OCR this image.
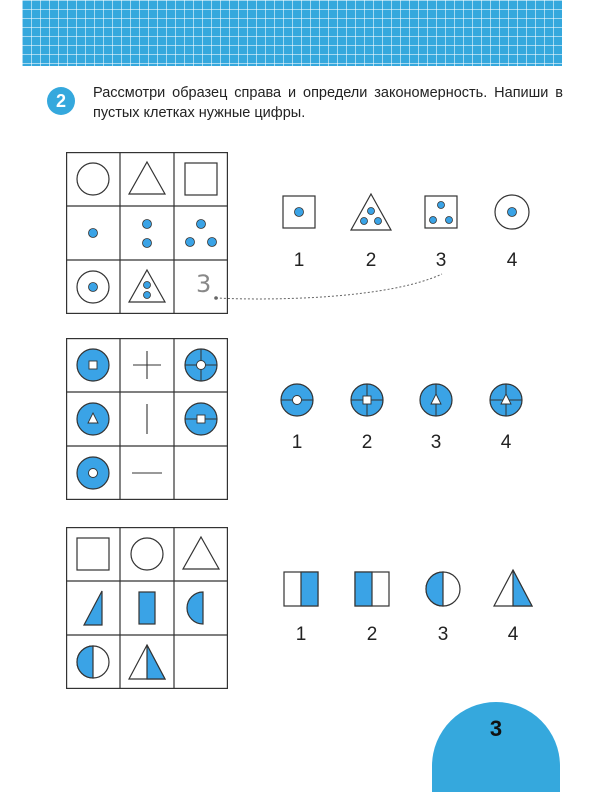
2 Рассмотри образец справа и определи закономерность. Напиши в пустых клетках нужные цифры.
3
1	2	3	4
1	2	3	4
1	2	3	4
3
